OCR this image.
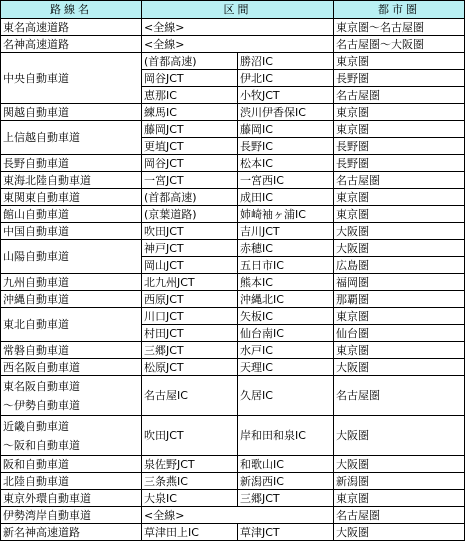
路線名	区間		都市圏
東名高速道路	<全線>		東京圏～名古屋圏
名神高速道路	<全線>		名古屋圏～大阪圏
中央自動車道	(首都高速)	勝沼IC	東京圏
	岡谷JCT	伊北IC	長野圏
	恵那IC	小牧JCT	名古屋圏
関越自動車道	練馬IC	渋川伊香保IC	東京圏
上信越自動車道	藤岡JCT	藤岡IC	東京圏
	更埴JCT	長野IC	長野圏
長野自動車道	岡谷JCT	松本IC	長野圏
東海北陸自動車道	一宮JCT	一宮西IC	名古屋圏
東関東自動車道	(首都高速)	成田IC	東京圏
館山自動車道	(京葉道路)	姉崎袖ヶ浦IC	東京圏
中国自動車道	吹田JCT	吉川JCT	大阪圏
山陽自動車道	神戸JCT	赤穂IC	大阪圏
	岡山JCT	五日市IC	広島圏
九州自動車道	北九州JCT	熊本IC	福岡圏
沖縄自動車道	西原JCT	沖縄北IC	那覇圏
東北自動車道	川口JCT	矢板IC	東京圏
	村田JCT	仙台南IC	仙台圏
常磐自動車道	三郷JCT	水戸IC	東京圏
西名阪自動車道	松原JCT	天理IC	大阪圏
東名阪自動車道
～伊勢自動車道	名古屋IC	久居IC	名古屋圏
近畿自動車道
～阪和自動車道	吹田JCT	岸和田和泉IC	大阪圏
阪和自動車道	泉佐野JCT	和歌山IC	大阪圏
北陸自動車道	三条燕IC	新潟西IC	新潟圏
東京外環自動車道	大泉IC	三郷JCT	東京圏
伊勢湾岸自動車道	<全線>		名古屋圏
新名神高速道路	草津田上IC	草津JCT	大阪圏
